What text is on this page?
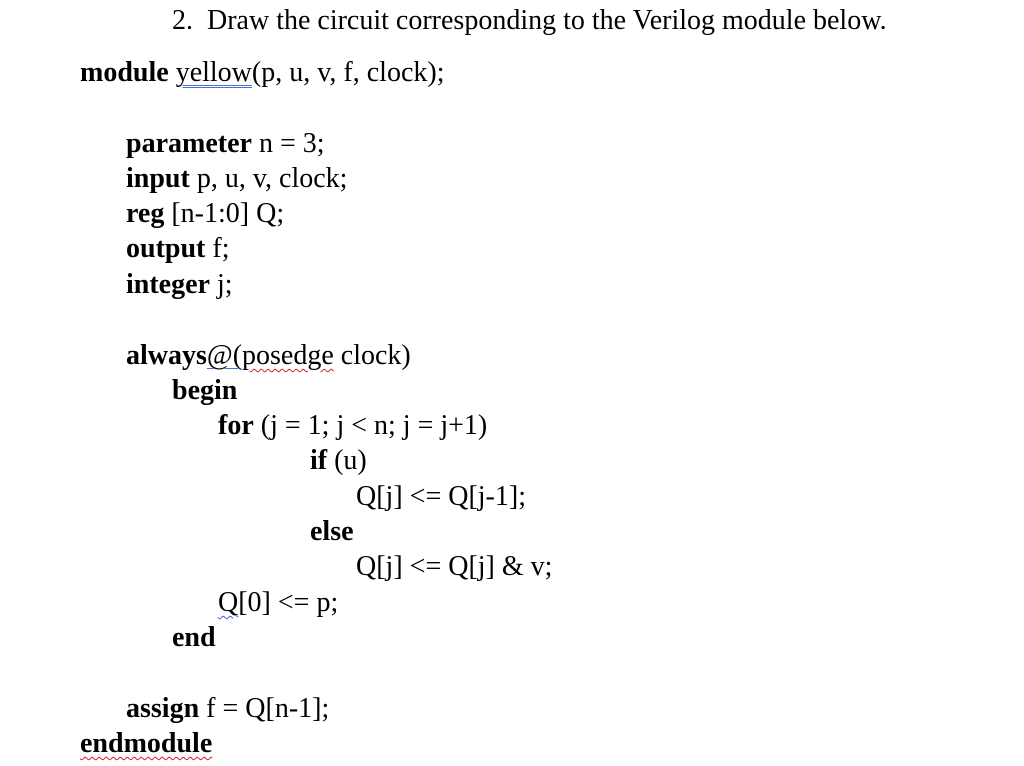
2. Draw the circuit corresponding to the Verilog module below.
module yellow(p, u, v, f, clock);
parameter n = 3;
input p, u, v, clock;
reg [n-1:0] Q;
output f;
integer j;
always@(posedge clock)
begin
for (j = 1; j < n; j = j+1)
if (u)
Q[j] <= Q[j-1];
else
Q[j] <= Q[j] & v;
Q[0] <= p;
end
assign f = Q[n-1];
endmodule
